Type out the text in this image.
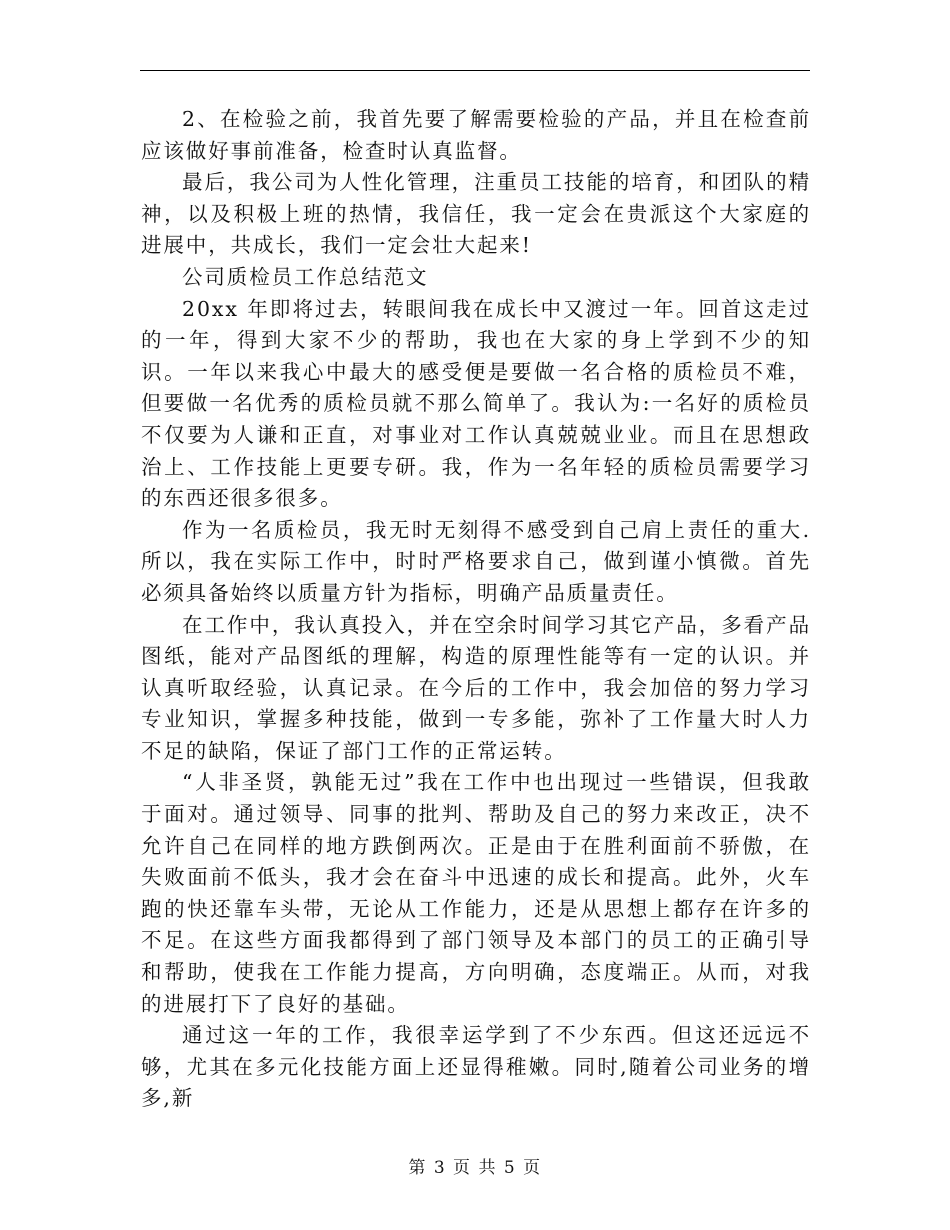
2、在检验之前，我首先要了解需要检验的产品，并且在检查前应该做好事前准备，检查时认真监督。

最后，我公司为人性化管理，注重员工技能的培育，和团队的精神，以及积极上班的热情，我信任，我一定会在贵派这个大家庭的进展中，共成长，我们一定会壮大起来!

公司质检员工作总结范文

20xx 年即将过去，转眼间我在成长中又渡过一年。回首这走过的一年，得到大家不少的帮助，我也在大家的身上学到不少的知识。一年以来我心中最大的感受便是要做一名合格的质检员不难，但要做一名优秀的质检员就不那么简单了。我认为:一名好的质检员不仅要为人谦和正直，对事业对工作认真兢兢业业。而且在思想政治上、工作技能上更要专研。我，作为一名年轻的质检员需要学习的东西还很多很多。

作为一名质检员，我无时无刻得不感受到自己肩上责任的重大.所以，我在实际工作中，时时严格要求自己，做到谨小慎微。首先必须具备始终以质量方针为指标，明确产品质量责任。

在工作中，我认真投入，并在空余时间学习其它产品，多看产品图纸，能对产品图纸的理解，构造的原理性能等有一定的认识。并认真听取经验，认真记录。在今后的工作中，我会加倍的努力学习专业知识，掌握多种技能，做到一专多能，弥补了工作量大时人力不足的缺陷，保证了部门工作的正常运转。

“人非圣贤，孰能无过”我在工作中也出现过一些错误，但我敢于面对。通过领导、同事的批判、帮助及自己的努力来改正，决不允许自己在同样的地方跌倒两次。正是由于在胜利面前不骄傲，在失败面前不低头，我才会在奋斗中迅速的成长和提高。此外，火车跑的快还靠车头带，无论从工作能力，还是从思想上都存在许多的不足。在这些方面我都得到了部门领导及本部门的员工的正确引导和帮助，使我在工作能力提高，方向明确，态度端正。从而，对我的进展打下了良好的基础。

通过这一年的工作，我很幸运学到了不少东西。但这还远远不够，尤其在多元化技能方面上还显得稚嫩。同时,随着公司业务的增多,新

第 3 页 共 5 页
